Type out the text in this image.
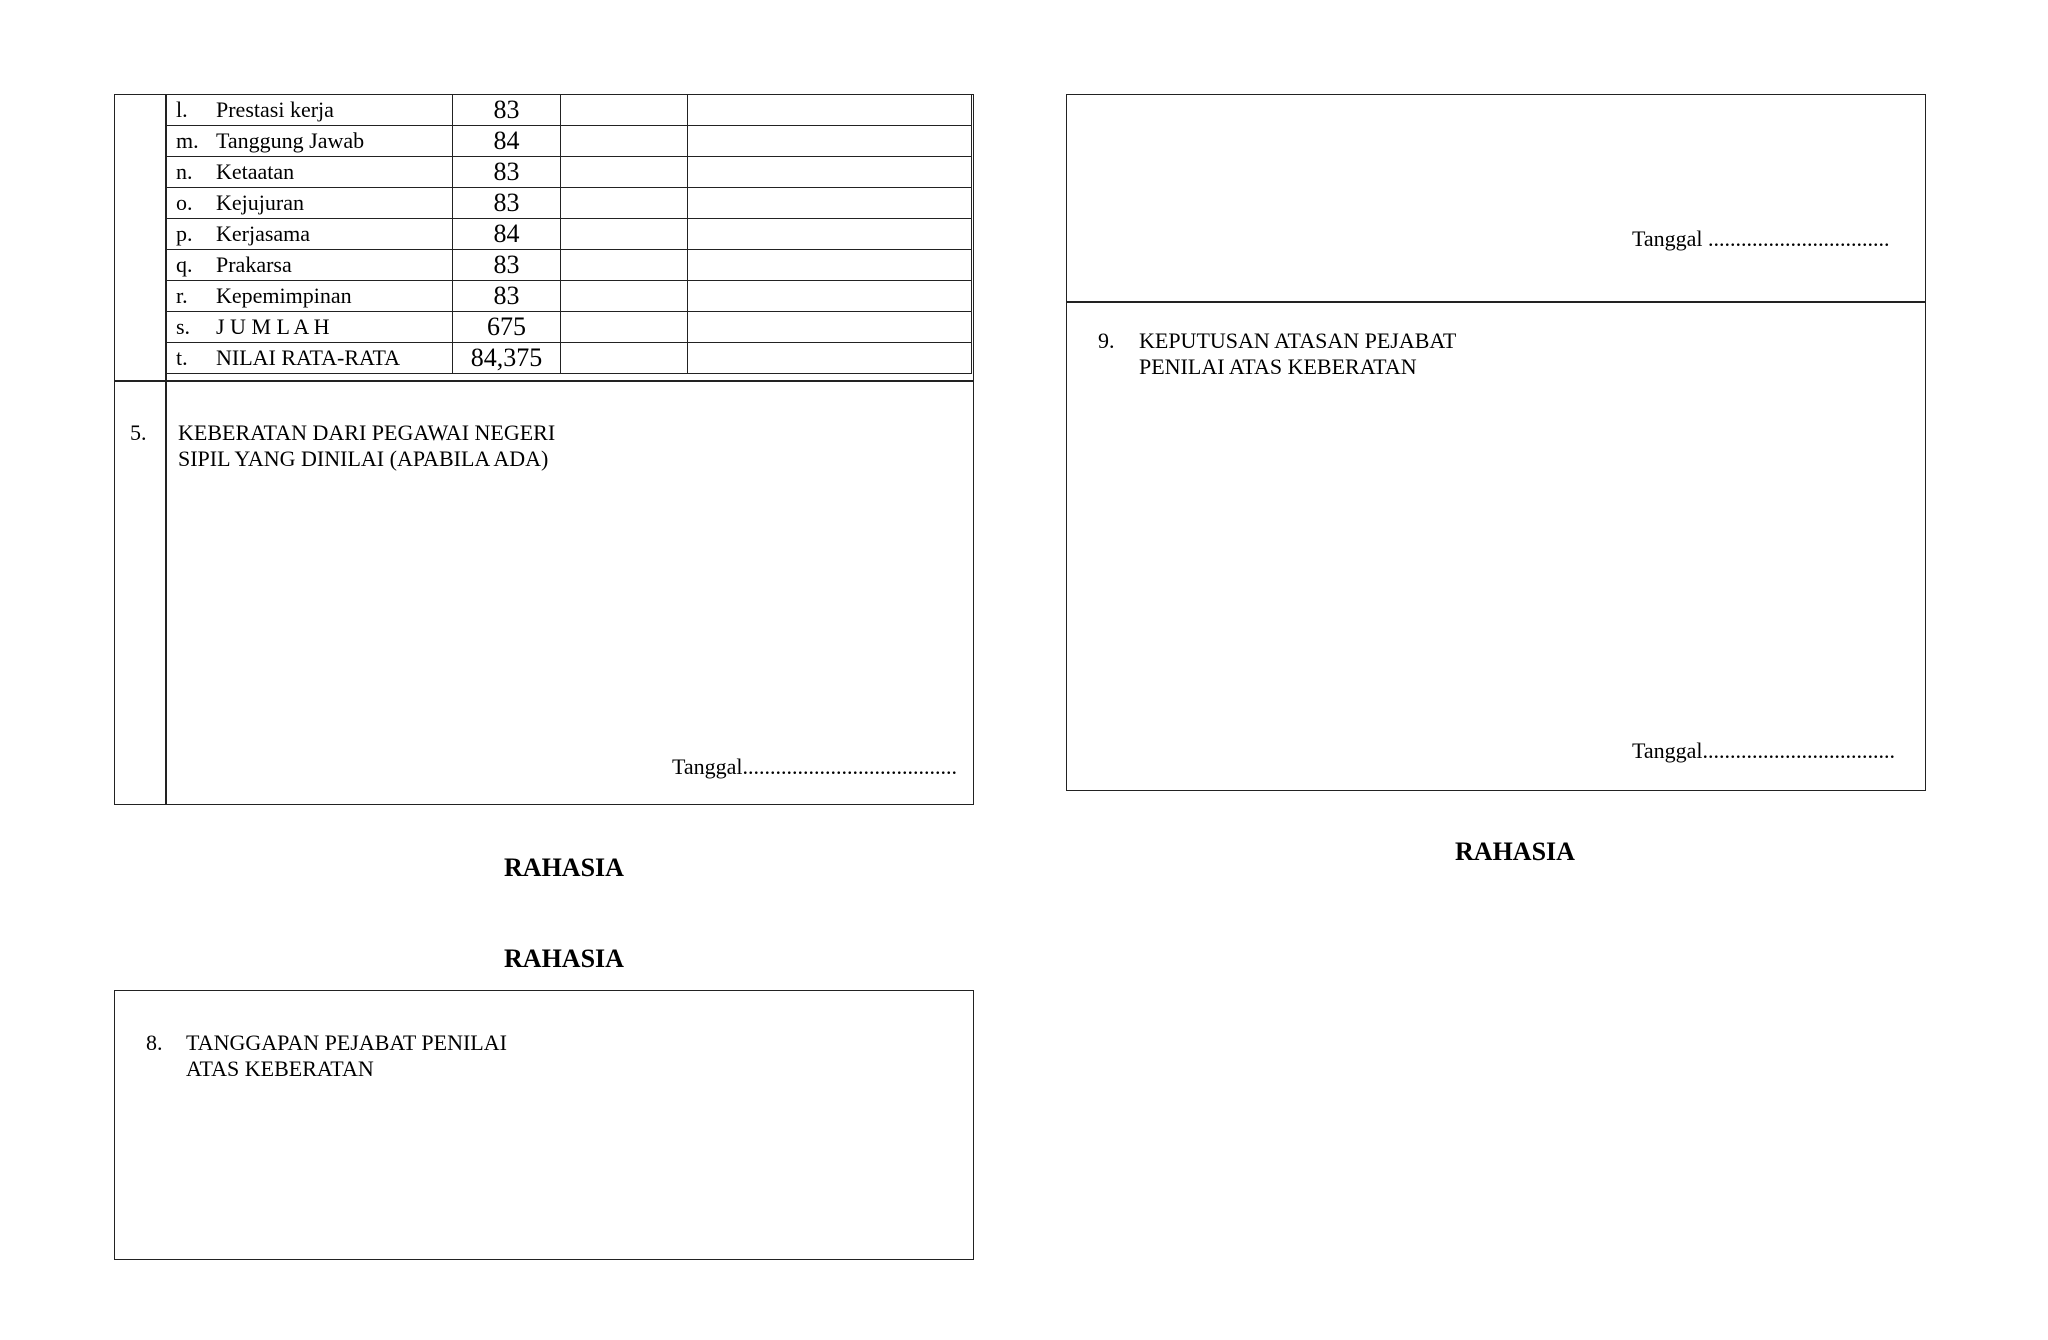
l. Prestasi kerja	83		
m. Tanggung Jawab	84		
n. Ketaatan	83		
o. Kejujuran	83		
p. Kerjasama	84		
q. Prakarsa	83		
r. Kepemimpinan	83		
s. J U M L A H	675		
t. NILAI RATA-RATA	84,375		
5. KEBERATAN DARI PEGAWAI NEGERI
SIPIL YANG DINILAI (APABILA ADA)
Tanggal.......................................
RAHASIA
RAHASIA
8. TANGGAPAN PEJABAT PENILAI
ATAS KEBERATAN
Tanggal .................................
9. KEPUTUSAN ATASAN PEJABAT
PENILAI ATAS KEBERATAN
Tanggal...................................
RAHASIA
